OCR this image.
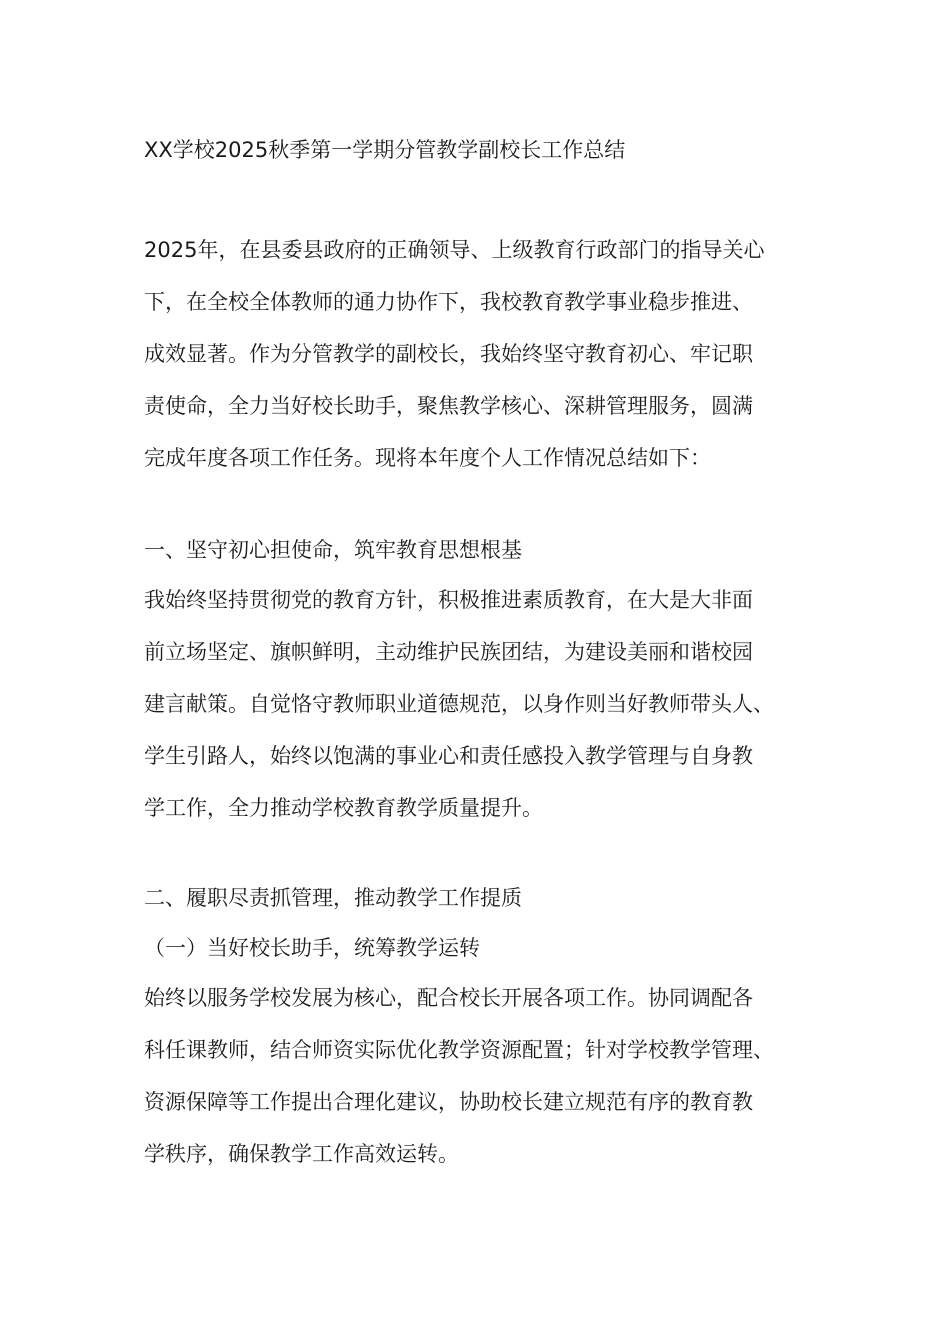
XX学校2025秋季第一学期分管教学副校长工作总结
2025年，在县委县政府的正确领导、上级教育行政部门的指导关心
下，在全校全体教师的通力协作下，我校教育教学事业稳步推进、
成效显著。作为分管教学的副校长，我始终坚守教育初心、牢记职
责使命，全力当好校长助手，聚焦教学核心、深耕管理服务，圆满
完成年度各项工作任务。现将本年度个人工作情况总结如下：
一、坚守初心担使命，筑牢教育思想根基
我始终坚持贯彻党的教育方针，积极推进素质教育，在大是大非面
前立场坚定、旗帜鲜明，主动维护民族团结，为建设美丽和谐校园
建言献策。自觉恪守教师职业道德规范，以身作则当好教师带头人、
学生引路人，始终以饱满的事业心和责任感投入教学管理与自身教
学工作，全力推动学校教育教学质量提升。
二、履职尽责抓管理，推动教学工作提质
（一）当好校长助手，统筹教学运转
始终以服务学校发展为核心，配合校长开展各项工作。协同调配各
科任课教师，结合师资实际优化教学资源配置；针对学校教学管理、
资源保障等工作提出合理化建议，协助校长建立规范有序的教育教
学秩序，确保教学工作高效运转。
